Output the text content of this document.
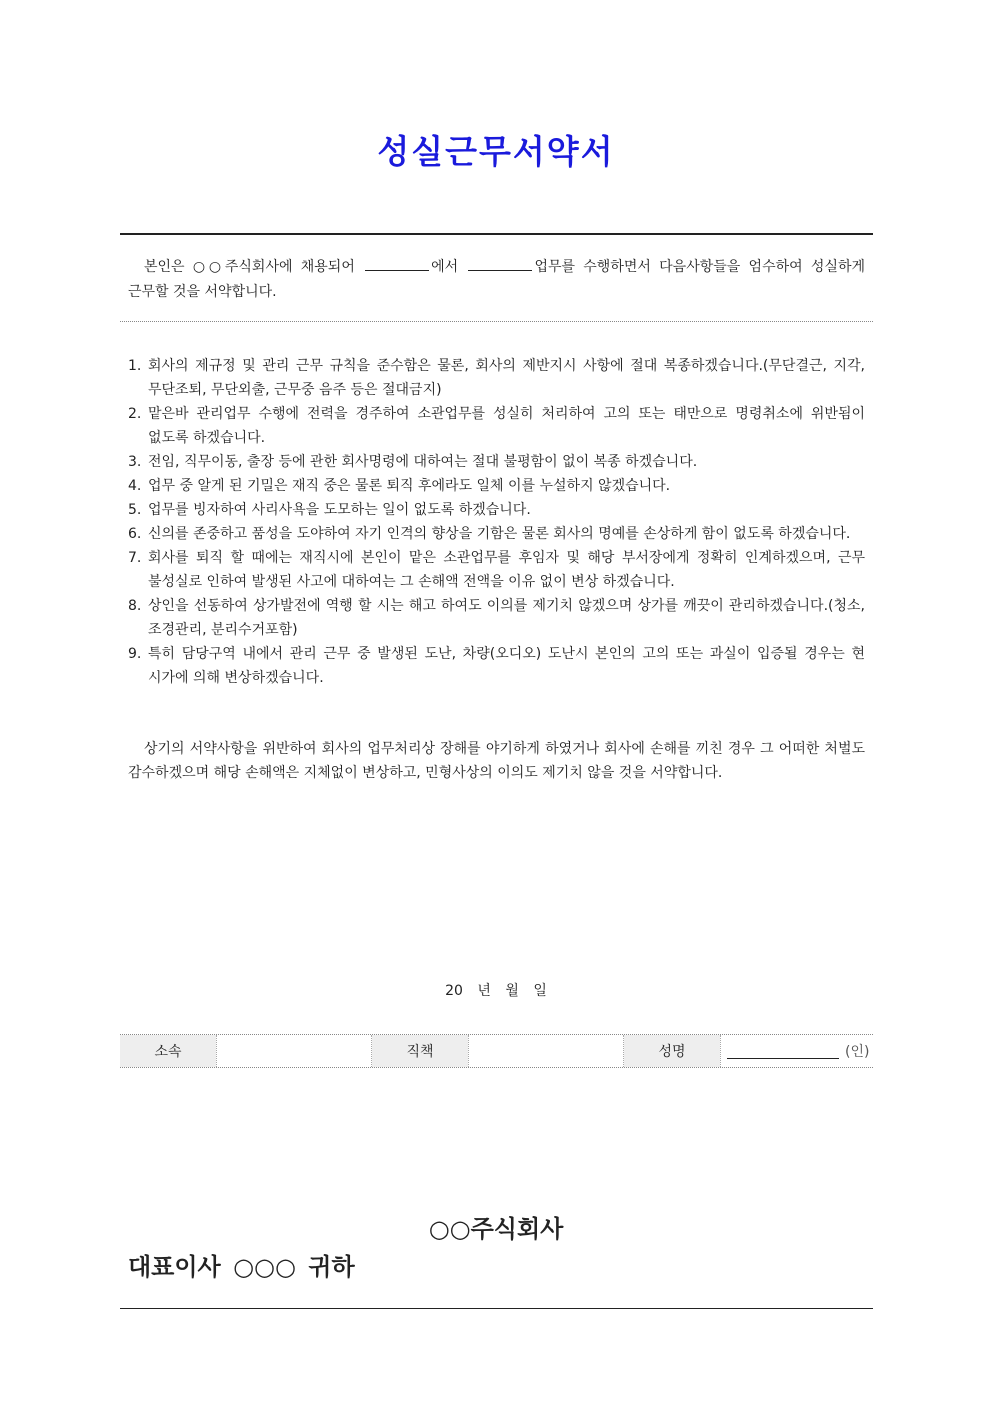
성실근무서약서
본인은 ○○주식회사에 채용되어	에서	업무를 수행하면서 다음사항들을 엄수하여 성실하게 근무할 것을 서약합니다.
1. 회사의 제규정 및 관리 근무 규칙을 준수함은 물론, 회사의 제반지시 사항에 절대 복종하겠습니다.(무단결근, 지각, 무단조퇴, 무단외출, 근무중 음주 등은 절대금지)
2. 맡은바 관리업무 수행에 전력을 경주하여 소관업무를 성실히 처리하여 고의 또는 태만으로 명령취소에 위반됨이 없도록 하겠습니다.
3. 전임, 직무이동, 출장 등에 관한 회사명령에 대하여는 절대 불평함이 없이 복종 하겠습니다.
4. 업무 중 알게 된 기밀은 재직 중은 물론 퇴직 후에라도 일체 이를 누설하지 않겠습니다.
5. 업무를 빙자하여 사리사욕을 도모하는 일이 없도록 하겠습니다.
6. 신의를 존중하고 품성을 도야하여 자기 인격의 향상을 기함은 물론 회사의 명예를 손상하게 함이 없도록 하겠습니다.
7. 회사를 퇴직 할 때에는 재직시에 본인이 맡은 소관업무를 후임자 및 해당 부서장에게 정확히 인계하겠으며, 근무 불성실로 인하여 발생된 사고에 대하여는 그 손해액 전액을 이유 없이 변상 하겠습니다.
8. 상인을 선동하여 상가발전에 역행 할 시는 해고 하여도 이의를 제기치 않겠으며 상가를 깨끗이 관리하겠습니다.(청소, 조경관리, 분리수거포함)
9. 특히 담당구역 내에서 관리 근무 중 발생된 도난, 차량(오디오) 도난시 본인의 고의 또는 과실이 입증될 경우는 현 시가에 의해 변상하겠습니다.
상기의 서약사항을 위반하여 회사의 업무처리상 장해를 야기하게 하였거나 회사에 손해를 끼친 경우 그 어떠한 처벌도 감수하겠으며 해당 손해액은 지체없이 변상하고, 민형사상의 이의도 제기치 않을 것을 서약합니다.
20 년 월 일
소속	직책	성명	(인)
○○주식회사
대표이사 ○○○ 귀하
